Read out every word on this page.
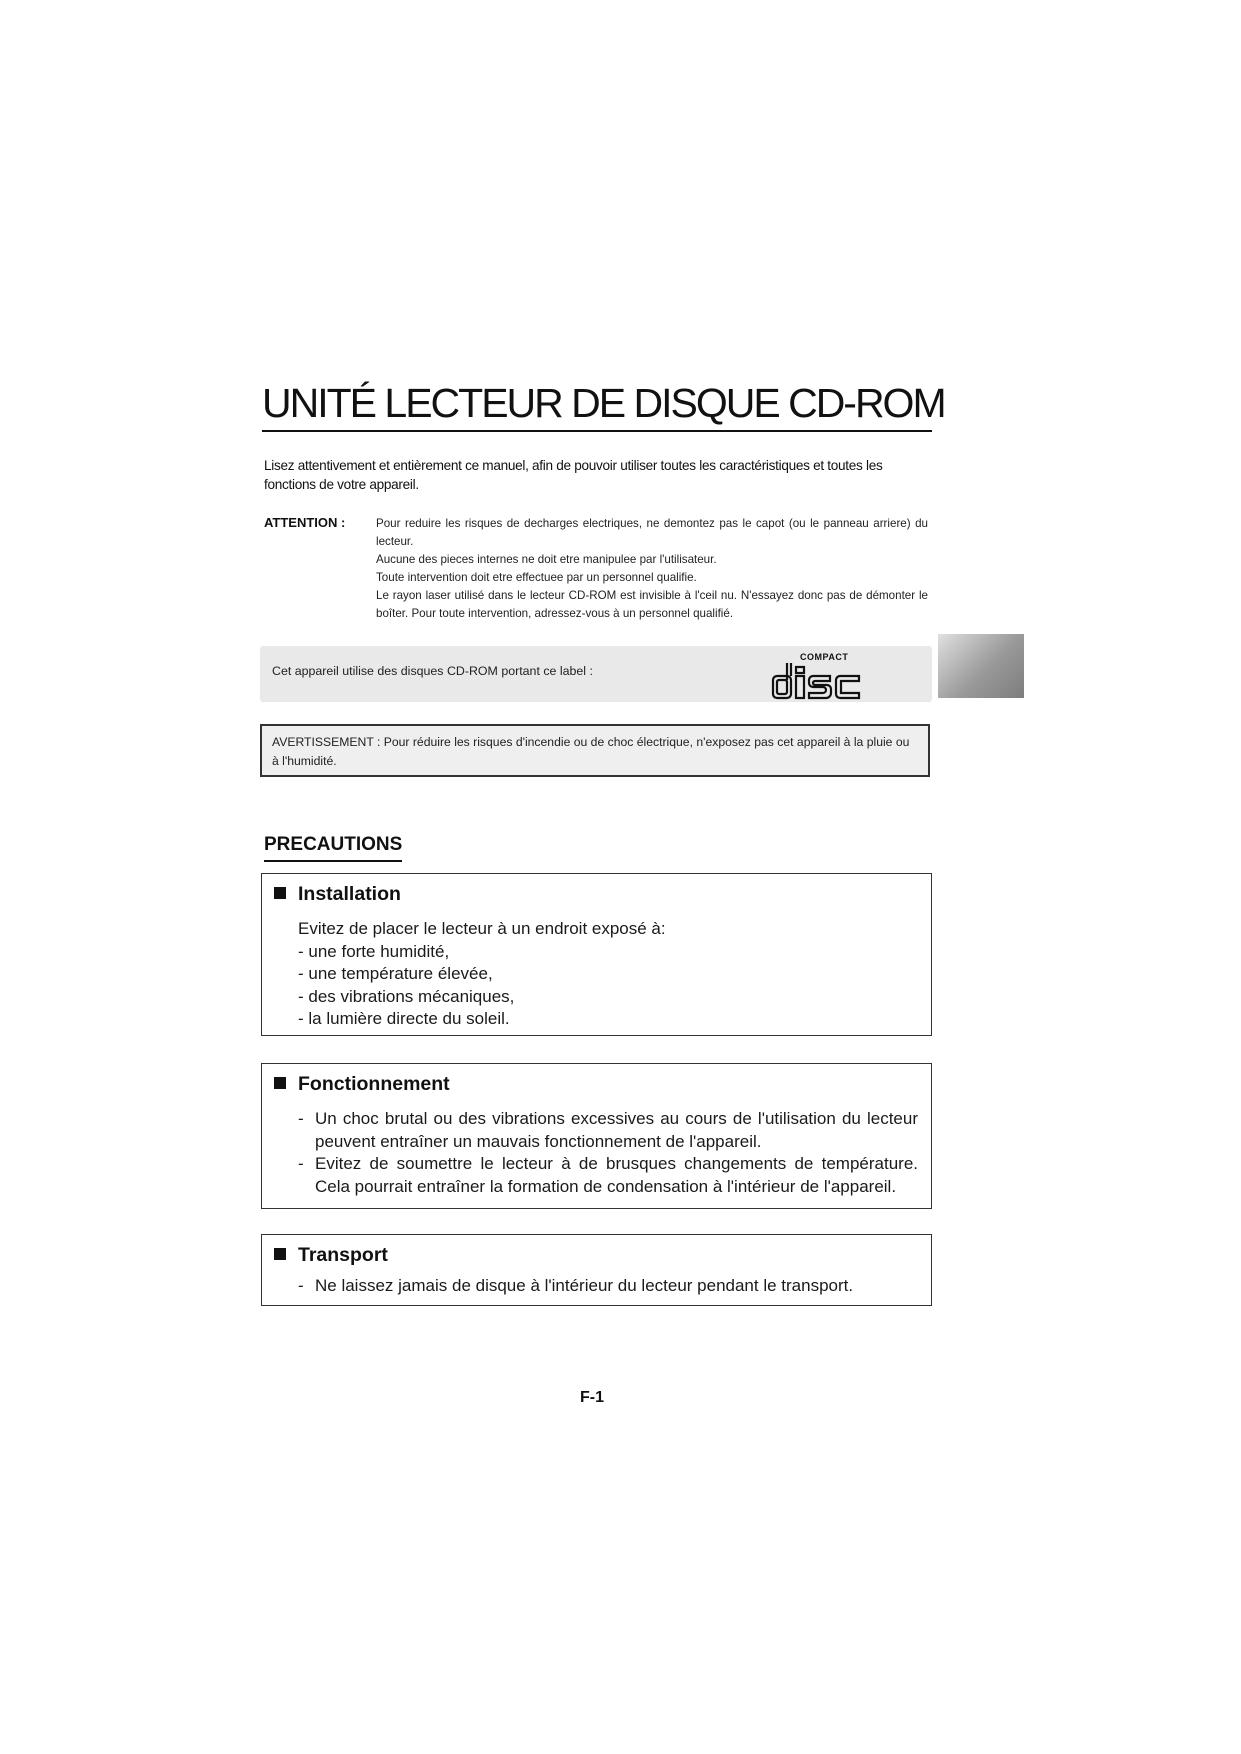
UNITÉ LECTEUR DE DISQUE CD-ROM
Lisez attentivement et entièrement ce manuel, afin de pouvoir utiliser toutes les caractéristiques et toutes les fonctions de votre appareil.
ATTENTION :	Pour reduire les risques de decharges electriques, ne demontez pas le capot (ou le panneau arriere) du lecteur.

Aucune des pieces internes ne doit etre manipulee par l'utilisateur.

Toute intervention doit etre effectuee par un personnel qualifie.

Le rayon laser utilisé dans le lecteur CD-ROM est invisible à l'ceil nu. N'essayez donc pas de démonter le boîter. Pour toute intervention, adressez-vous à un personnel qualifié.

Cet appareil utilise des disques CD-ROM portant ce label :
COMPACT
AVERTISSEMENT : Pour réduire les risques d'incendie ou de choc électrique, n'exposez pas cet appareil à la pluie ou à l'humidité.
PRECAUTIONS
Installation

Evitez de placer le lecteur à un endroit exposé à:

- une forte humidité,

- une température élevée,

- des vibrations mécaniques,

- la lumière directe du soleil.

Fonctionnement
- Un choc brutal ou des vibrations excessives au cours de l'utilisation du lecteur peuvent entraîner un mauvais fonctionnement de l'appareil.
- Evitez de soumettre le lecteur à de brusques changements de température. Cela pourrait entraîner la formation de condensation à l'intérieur de l'appareil.
Transport
- Ne laissez jamais de disque à l'intérieur du lecteur pendant le transport.
F-1
